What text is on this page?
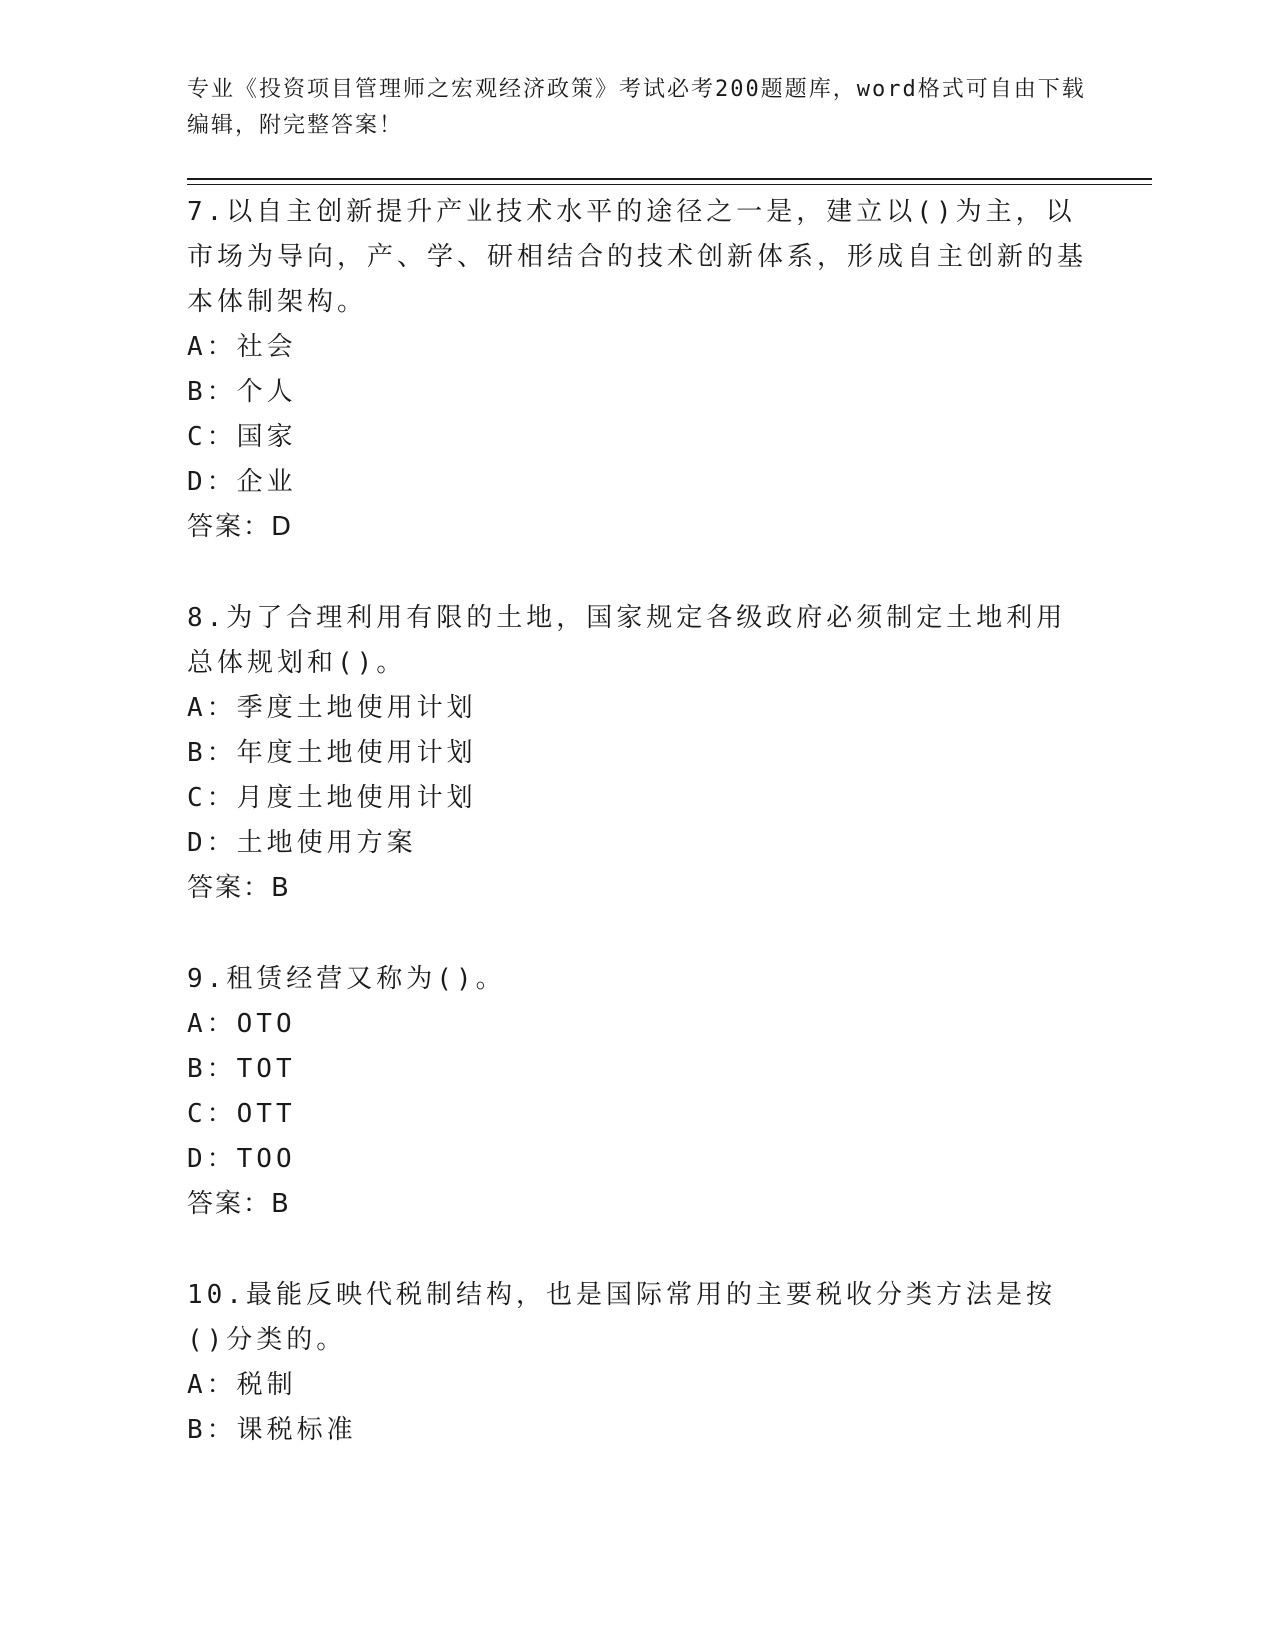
专业《投资项目管理师之宏观经济政策》考试必考200题题库，word格式可自由下载编辑，附完整答案！

7.以自主创新提升产业技术水平的途径之一是，建立以()为主，以市场为导向，产、学、研相结合的技术创新体系，形成自主创新的基本体制架构。

A：社会
B：个人
C：国家
D：企业
答案：D

8.为了合理利用有限的土地，国家规定各级政府必须制定土地利用总体规划和()。

A：季度土地使用计划
B：年度土地使用计划
C：月度土地使用计划
D：土地使用方案
答案：B

9.租赁经营又称为()。

A：OTO
B：TOT
C：OTT
D：TOO
答案：B

10.最能反映代税制结构，也是国际常用的主要税收分类方法是按()分类的。

A：税制
B：课税标准
